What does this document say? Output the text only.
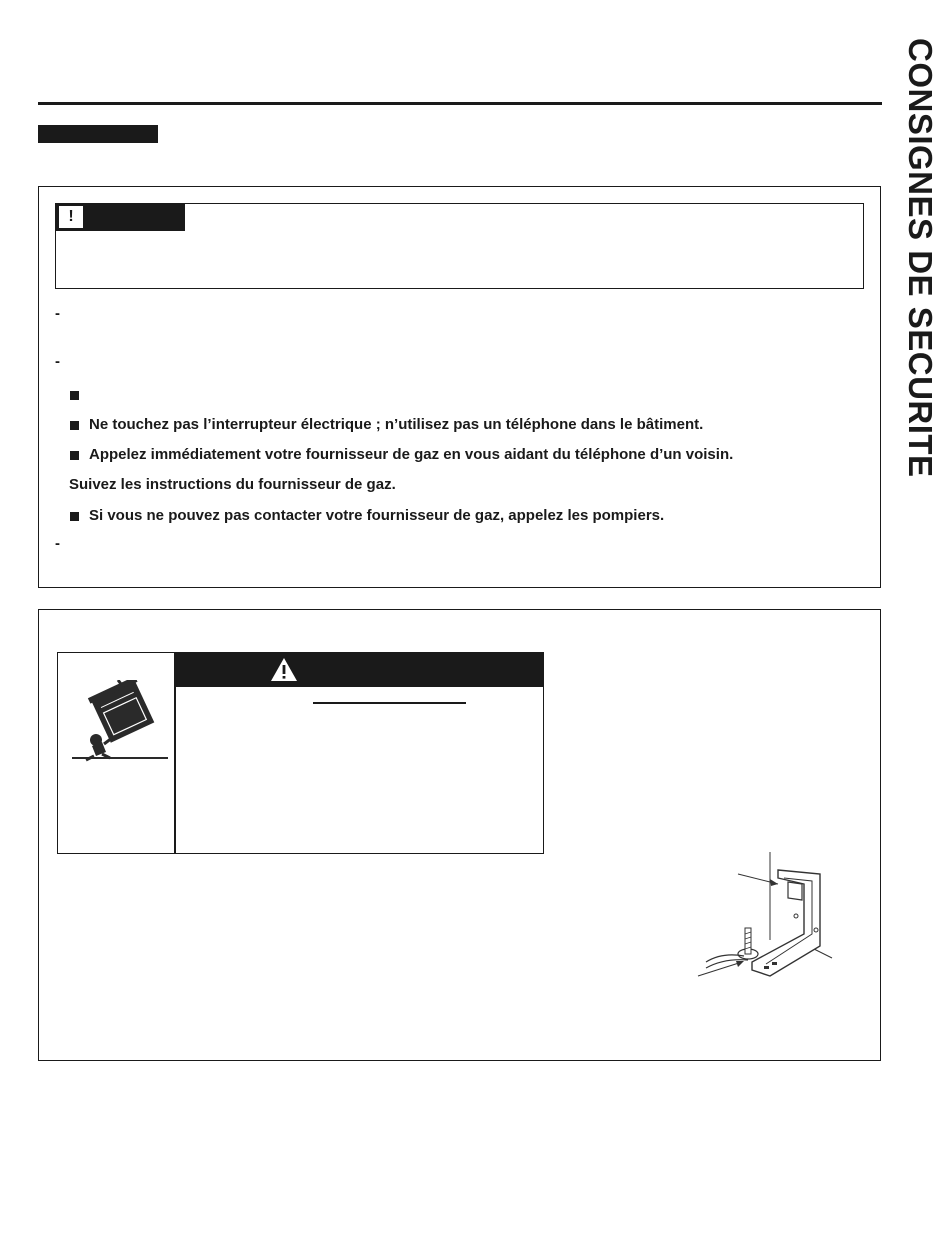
CONSIGNES DE SECURITE
!
-
-
Ne touchez pas l’interrupteur électrique ; n’utilisez pas un téléphone dans le bâtiment.
Appelez immédiatement votre fournisseur de gaz en vous aidant du téléphone d’un voisin.
Suivez les instructions du fournisseur de gaz.
Si vous ne pouvez pas contacter votre fournisseur de gaz, appelez les pompiers.
-
